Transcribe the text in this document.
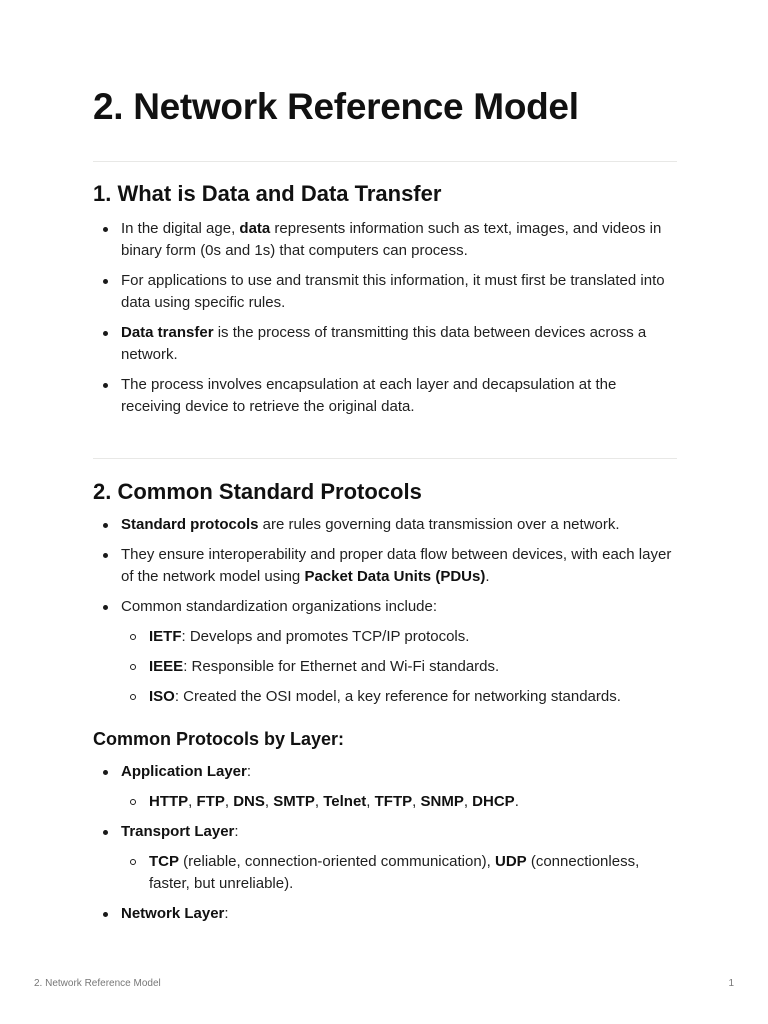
2. Network Reference Model
1. What is Data and Data Transfer
In the digital age, data represents information such as text, images, and videos in binary form (0s and 1s) that computers can process.
For applications to use and transmit this information, it must first be translated into data using specific rules.
Data transfer is the process of transmitting this data between devices across a network.
The process involves encapsulation at each layer and decapsulation at the receiving device to retrieve the original data.
2. Common Standard Protocols
Standard protocols are rules governing data transmission over a network.
They ensure interoperability and proper data flow between devices, with each layer of the network model using Packet Data Units (PDUs).
Common standardization organizations include:
IETF: Develops and promotes TCP/IP protocols.
IEEE: Responsible for Ethernet and Wi-Fi standards.
ISO: Created the OSI model, a key reference for networking standards.
Common Protocols by Layer:
Application Layer:
HTTP, FTP, DNS, SMTP, Telnet, TFTP, SNMP, DHCP.
Transport Layer:
TCP (reliable, connection-oriented communication), UDP (connectionless, faster, but unreliable).
Network Layer:
2. Network Reference Model	1
